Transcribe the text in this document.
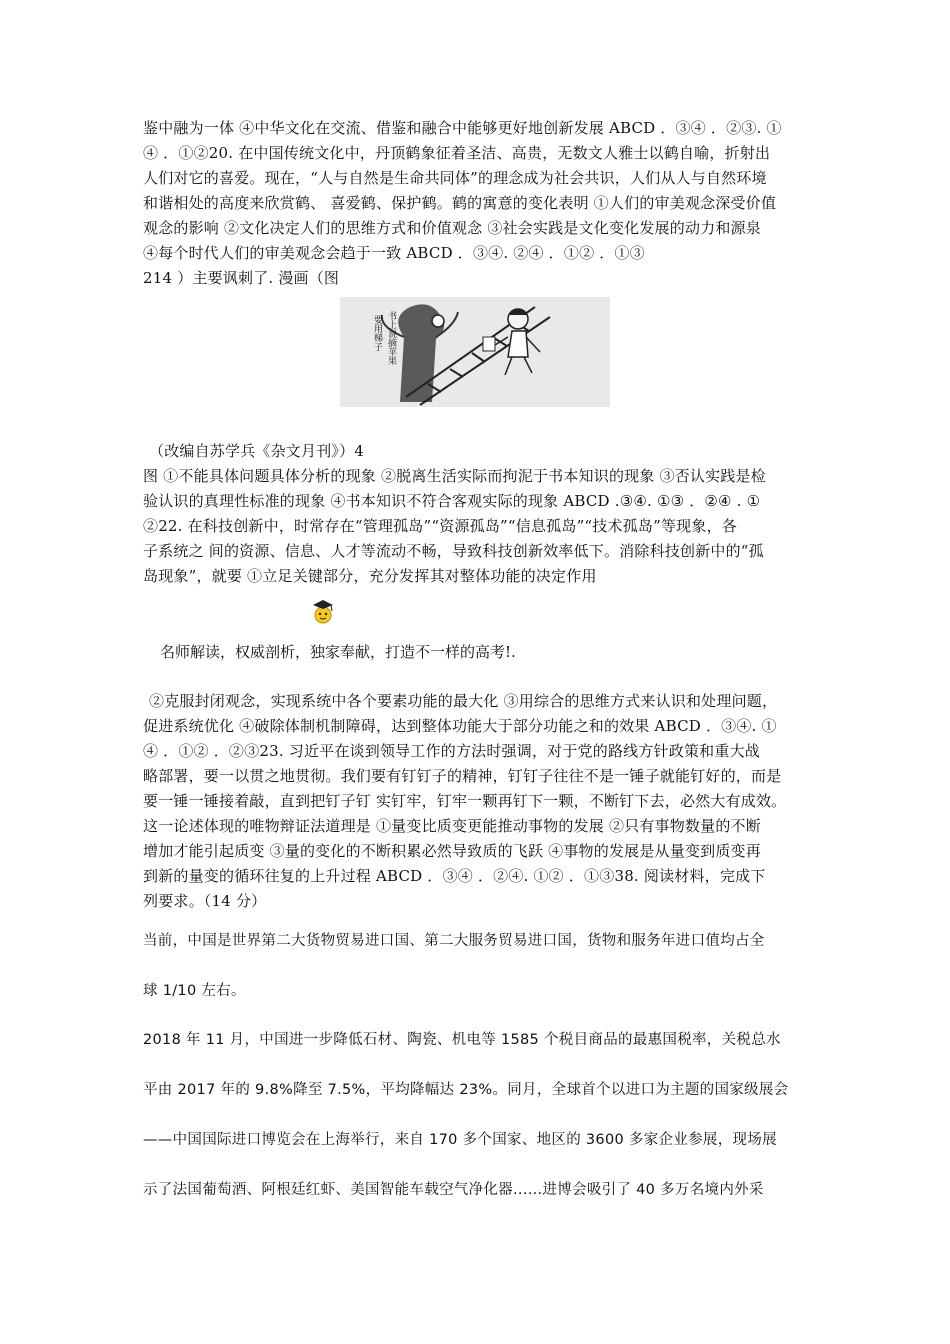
鉴中融为一体 ④中华文化在交流、借鉴和融合中能够更好地创新发展 ABCD ．③④ ．②③. ①
④ ．①②20. 在中国传统文化中，丹顶鹤象征着圣洁、高贵，无数文人雅士以鹤自喻，折射出
人们对它的喜爱。现在，“人与自然是生命共同体”的理念成为社会共识，人们从人与自然环境
和谐相处的高度来欣赏鹤、 喜爱鹤、保护鹤。鹤的寓意的变化表明 ①人们的审美观念深受价值
观念的影响 ②文化决定人们的思维方式和价值观念 ③社会实践是文化变化发展的动力和源泉
④每个时代人们的审美观念会趋于一致 ABCD ．③④. ②④ ．①② ．①③
214 ）主要讽刺了. 漫画（图
书上说摘苹果
要用梯子
（改编自苏学兵《杂文月刊》）4
图 ①不能具体问题具体分析的现象 ②脱离生活实际而拘泥于书本知识的现象 ③否认实践是检
验认识的真理性标准的现象 ④书本知识不符合客观实际的现象 ABCD .③④. ①③ ．②④ . ①
②22. 在科技创新中，时常存在“管理孤岛”“资源孤岛”“信息孤岛”“技术孤岛”等现象，各
子系统之 间的资源、信息、人才等流动不畅，导致科技创新效率低下。消除科技创新中的“孤
岛现象”，就要 ①立足关键部分，充分发挥其对整体功能的决定作用
名师解读，权威剖析，独家奉献，打造不一样的高考!.
②克服封闭观念，实现系统中各个要素功能的最大化 ③用综合的思维方式来认识和处理问题，
促进系统优化 ④破除体制机制障碍，达到整体功能大于部分功能之和的效果 ABCD ．③④. ①
④ ．①② ．②③23. 习近平在谈到领导工作的方法时强调，对于党的路线方针政策和重大战
略部署，要一以贯之地贯彻。我们要有钉钉子的精神，钉钉子往往不是一锤子就能钉好的，而是
要一锤一锤接着敲，直到把钉子钉 实钉牢，钉牢一颗再钉下一颗，不断钉下去，必然大有成效。
这一论述体现的唯物辩证法道理是 ①量变比质变更能推动事物的发展 ②只有事物数量的不断
增加才能引起质变 ③量的变化的不断积累必然导致质的飞跃 ④事物的发展是从量变到质变再
到新的量变的循环往复的上升过程 ABCD ．③④ ．②④. ①② ．①③38. 阅读材料，完成下
列要求。（14 分）
当前，中国是世界第二大货物贸易进口国、第二大服务贸易进口国，货物和服务年进口值均占全
球 1/10 左右。
2018 年 11 月，中国进一步降低石材、陶瓷、机电等 1585 个税目商品的最惠国税率，关税总水
平由 2017 年的 9.8%降至 7.5%，平均降幅达 23%。同月，全球首个以进口为主题的国家级展会
——中国国际进口博览会在上海举行，来自 170 多个国家、地区的 3600 多家企业参展，现场展
示了法国葡萄酒、阿根廷红虾、美国智能车载空气净化器......进博会吸引了 40 多万名境内外采
